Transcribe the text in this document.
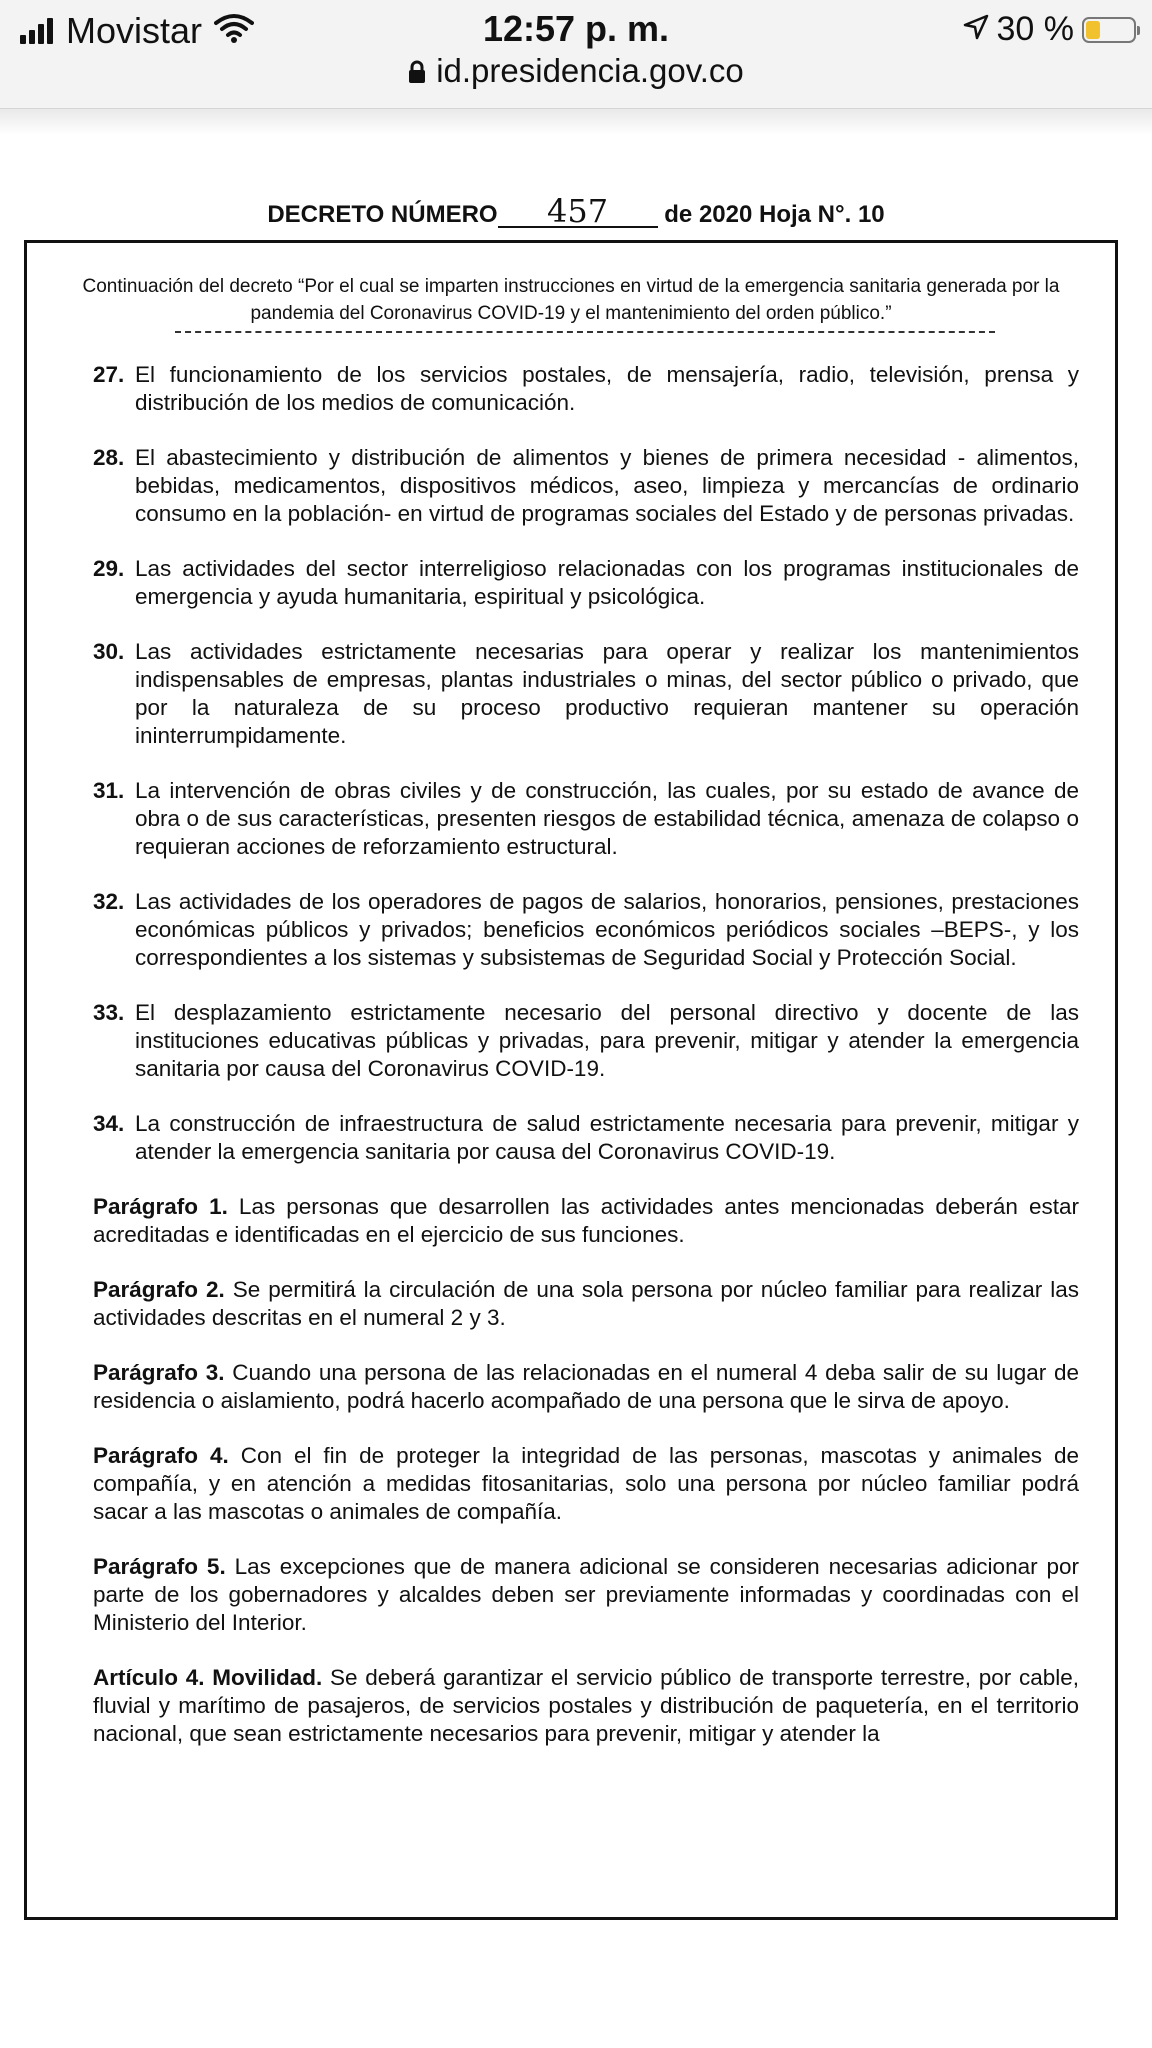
Movistar	12:57 p. m.	30 %
id.presidencia.gov.co
DECRETO NÚMERO 457 de 2020 Hoja N°. 10
Continuación del decreto “Por el cual se imparten instrucciones en virtud de la emergencia sanitaria generada por la pandemia del Coronavirus COVID-19 y el mantenimiento del orden público.”
27. El funcionamiento de los servicios postales, de mensajería, radio, televisión, prensa y distribución de los medios de comunicación.
28. El abastecimiento y distribución de alimentos y bienes de primera necesidad - alimentos, bebidas, medicamentos, dispositivos médicos, aseo, limpieza y mercancías de ordinario consumo en la población- en virtud de programas sociales del Estado y de personas privadas.
29. Las actividades del sector interreligioso relacionadas con los programas institucionales de emergencia y ayuda humanitaria, espiritual y psicológica.
30. Las actividades estrictamente necesarias para operar y realizar los mantenimientos indispensables de empresas, plantas industriales o minas, del sector público o privado, que por la naturaleza de su proceso productivo requieran mantener su operación ininterrumpidamente.
31. La intervención de obras civiles y de construcción, las cuales, por su estado de avance de obra o de sus características, presenten riesgos de estabilidad técnica, amenaza de colapso o requieran acciones de reforzamiento estructural.
32. Las actividades de los operadores de pagos de salarios, honorarios, pensiones, prestaciones económicas públicos y privados; beneficios económicos periódicos sociales –BEPS-, y los correspondientes a los sistemas y subsistemas de Seguridad Social y Protección Social.
33. El desplazamiento estrictamente necesario del personal directivo y docente de las instituciones educativas públicas y privadas, para prevenir, mitigar y atender la emergencia sanitaria por causa del Coronavirus COVID-19.
34. La construcción de infraestructura de salud estrictamente necesaria para prevenir, mitigar y atender la emergencia sanitaria por causa del Coronavirus COVID-19.
Parágrafo 1. Las personas que desarrollen las actividades antes mencionadas deberán estar acreditadas e identificadas en el ejercicio de sus funciones.
Parágrafo 2. Se permitirá la circulación de una sola persona por núcleo familiar para realizar las actividades descritas en el numeral 2 y 3.
Parágrafo 3. Cuando una persona de las relacionadas en el numeral 4 deba salir de su lugar de residencia o aislamiento, podrá hacerlo acompañado de una persona que le sirva de apoyo.
Parágrafo 4. Con el fin de proteger la integridad de las personas, mascotas y animales de compañía, y en atención a medidas fitosanitarias, solo una persona por núcleo familiar podrá sacar a las mascotas o animales de compañía.
Parágrafo 5. Las excepciones que de manera adicional se consideren necesarias adicionar por parte de los gobernadores y alcaldes deben ser previamente informadas y coordinadas con el Ministerio del Interior.
Artículo 4. Movilidad. Se deberá garantizar el servicio público de transporte terrestre, por cable, fluvial y marítimo de pasajeros, de servicios postales y distribución de paquetería, en el territorio nacional, que sean estrictamente necesarios para prevenir, mitigar y atender la
